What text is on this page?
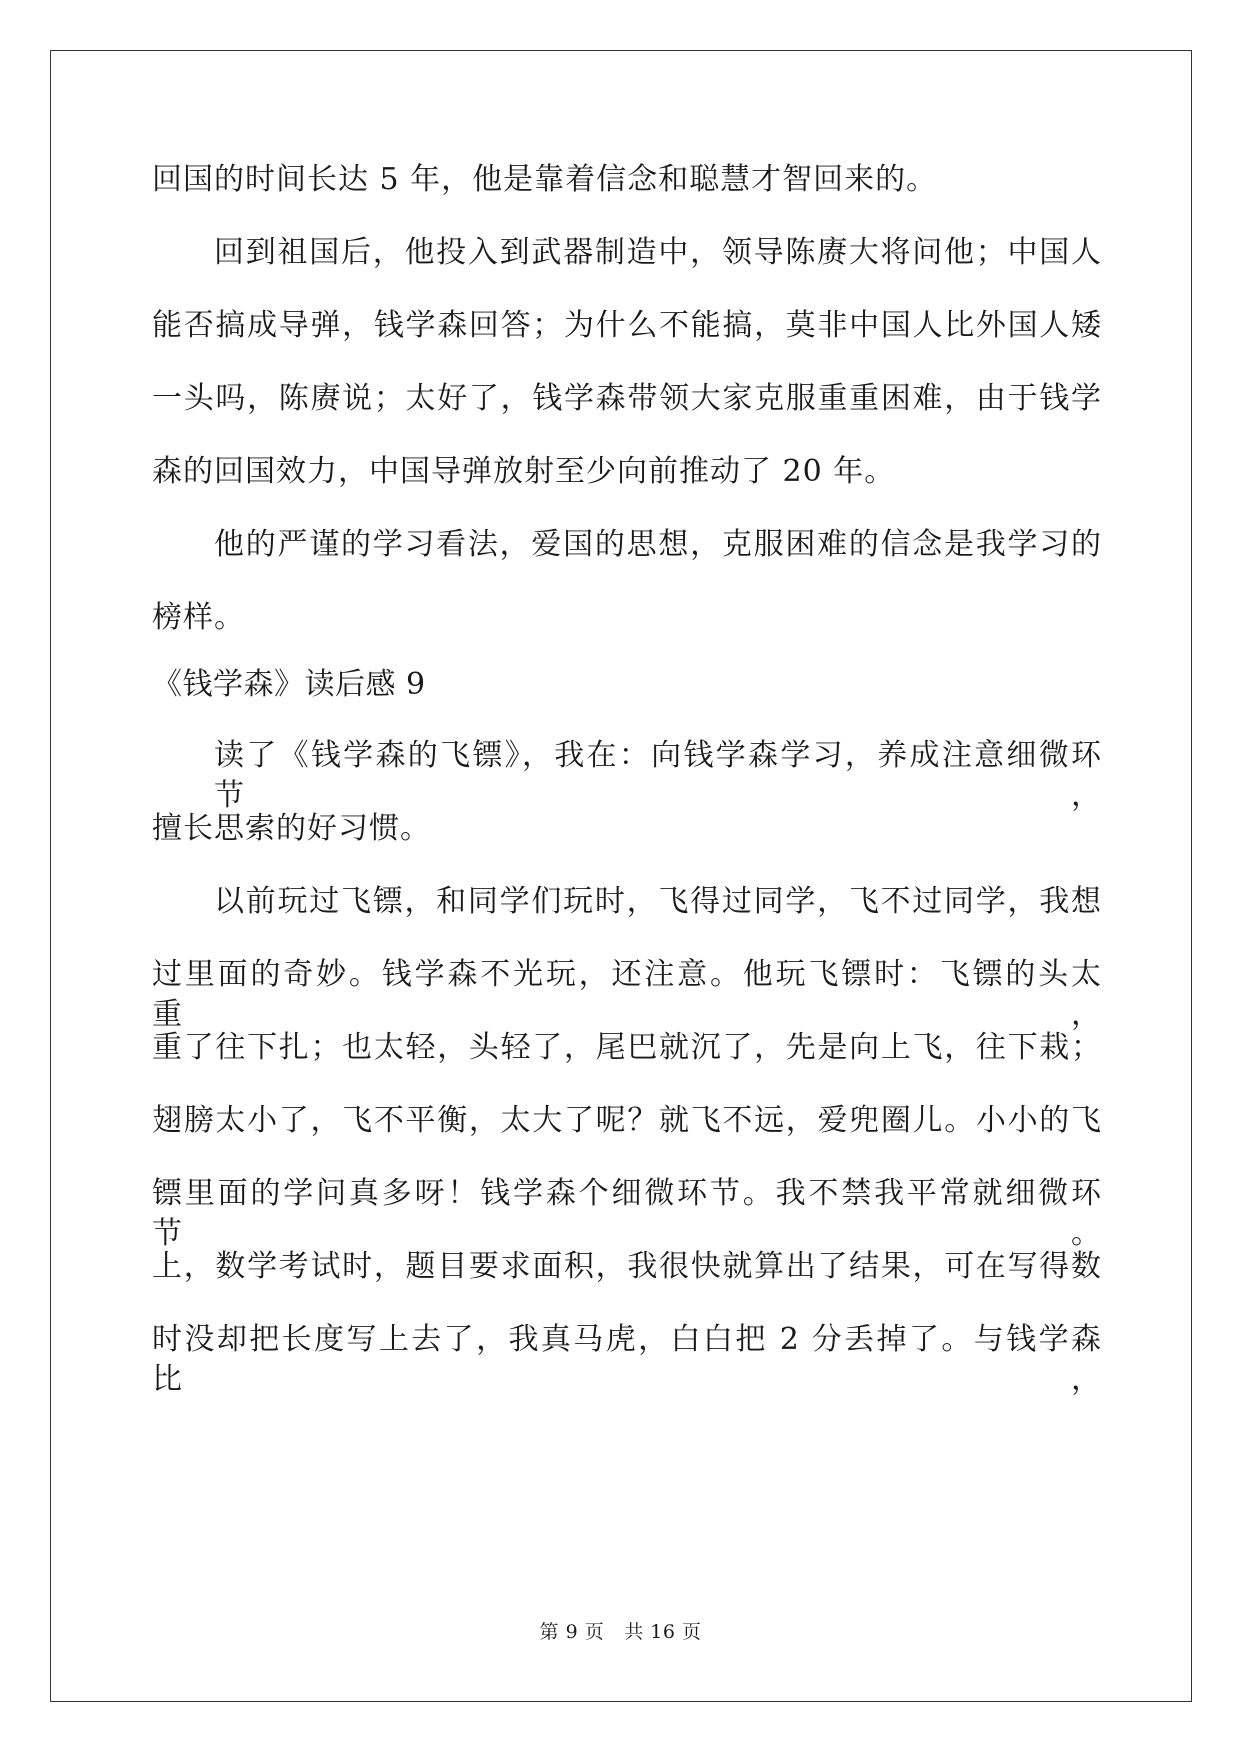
回国的时间长达 5 年，他是靠着信念和聪慧才智回来的。
回到祖国后，他投入到武器制造中，领导陈赓大将问他；中国人
能否搞成导弹，钱学森回答；为什么不能搞，莫非中国人比外国人矮
一头吗，陈赓说；太好了，钱学森带领大家克服重重困难，由于钱学
森的回国效力，中国导弹放射至少向前推动了 20 年。
他的严谨的学习看法，爱国的思想，克服困难的信念是我学习的
榜样。
《钱学森》读后感 9
读了《钱学森的飞镖》，我在：向钱学森学习，养成注意细微环节，
擅长思索的好习惯。
以前玩过飞镖，和同学们玩时，飞得过同学，飞不过同学，我想
过里面的奇妙。钱学森不光玩，还注意。他玩飞镖时：飞镖的头太重，
重了往下扎；也太轻，头轻了，尾巴就沉了，先是向上飞，往下栽；
翅膀太小了，飞不平衡，太大了呢？就飞不远，爱兜圈儿。小小的飞
镖里面的学问真多呀！钱学森个细微环节。我不禁我平常就细微环节。
上，数学考试时，题目要求面积，我很快就算出了结果，可在写得数
时没却把长度写上去了，我真马虎，白白把 2 分丢掉了。与钱学森比，
第 9 页 共 16 页
